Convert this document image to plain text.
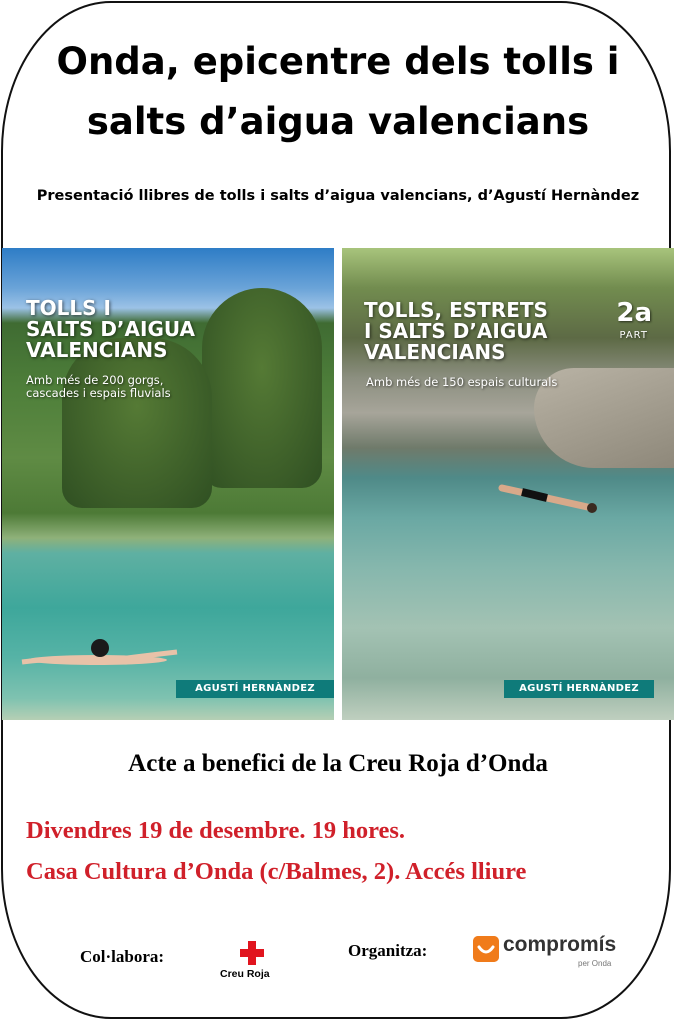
Onda, epicentre dels tolls i
salts d’aigua valencians
Presentació llibres de tolls i salts d’aigua valencians, d’Agustí Hernàndez
TOLLS I
SALTS D’AIGUA
VALENCIANS
Amb més de 200 gorgs,
cascades i espais fluvials
AGUSTÍ HERNÀNDEZ
TOLLS, ESTRETS
I SALTS D’AIGUA
VALENCIANS
2a
PART
Amb més de 150 espais culturals
AGUSTÍ HERNÀNDEZ
Acte a benefici de la Creu Roja d’Onda
Divendres 19 de desembre. 19 hores.
Casa Cultura d’Onda (c/Balmes, 2). Accés lliure
Col·labora:
Creu Roja
Organitza:	compromís
per Onda
